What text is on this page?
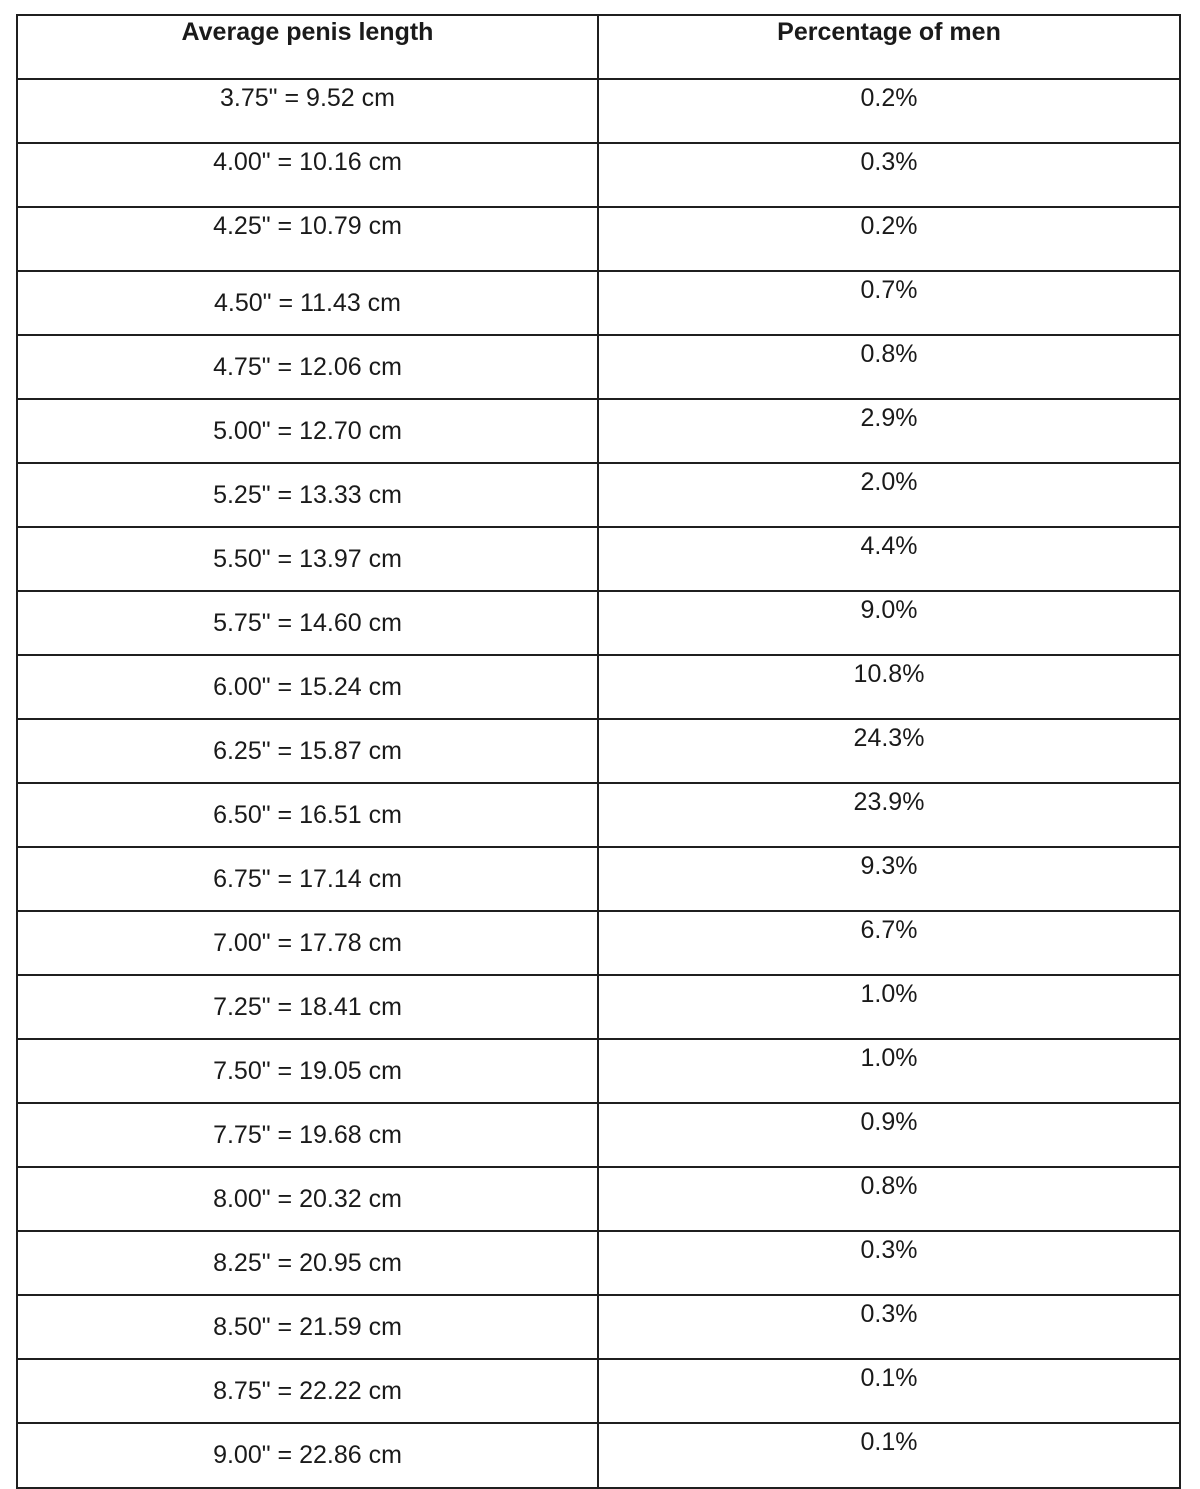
Average penis length	Percentage of men
3.75" = 9.52 cm	0.2%
4.00" = 10.16 cm	0.3%
4.25" = 10.79 cm	0.2%
4.50" = 11.43 cm	0.7%
4.75" = 12.06 cm	0.8%
5.00" = 12.70 cm	2.9%
5.25" = 13.33 cm	2.0%
5.50" = 13.97 cm	4.4%
5.75" = 14.60 cm	9.0%
6.00" = 15.24 cm	10.8%
6.25" = 15.87 cm	24.3%
6.50" = 16.51 cm	23.9%
6.75" = 17.14 cm	9.3%
7.00" = 17.78 cm	6.7%
7.25" = 18.41 cm	1.0%
7.50" = 19.05 cm	1.0%
7.75" = 19.68 cm	0.9%
8.00" = 20.32 cm	0.8%
8.25" = 20.95 cm	0.3%
8.50" = 21.59 cm	0.3%
8.75" = 22.22 cm	0.1%
9.00" = 22.86 cm	0.1%
